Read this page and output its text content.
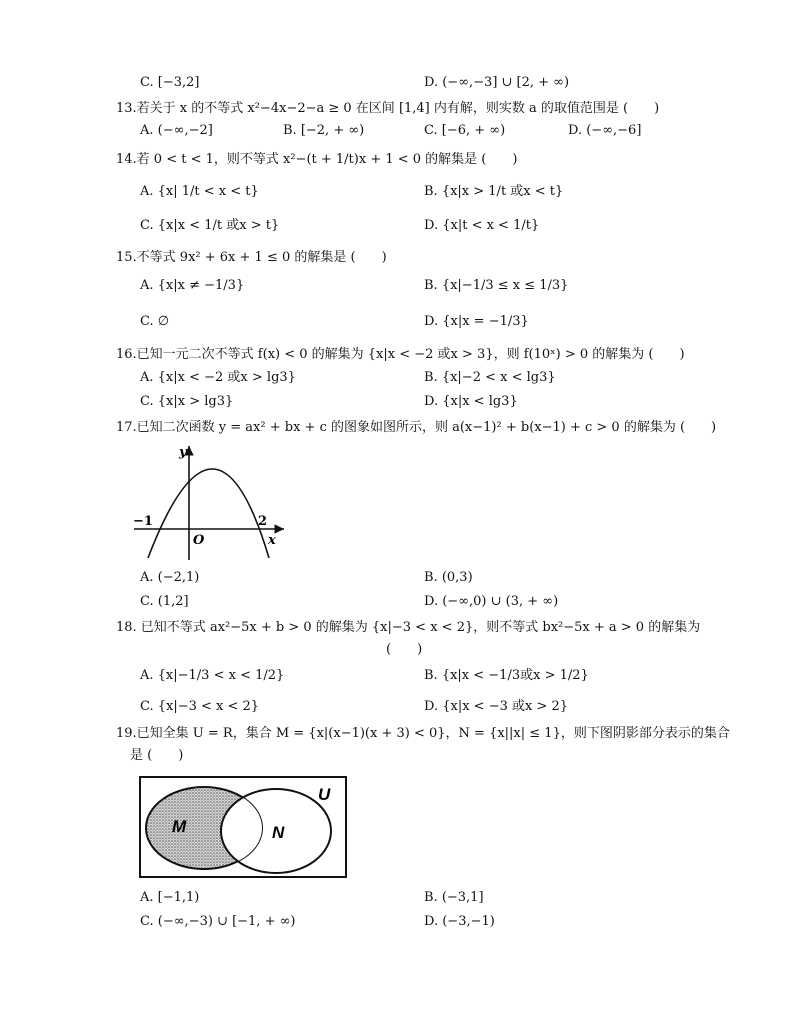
C. [−3,2]	D. (−∞,−3] ∪ [2, + ∞)
13.若关于 x 的不等式 x²−4x−2−a ≥ 0 在区间 [1,4] 内有解，则实数 a 的取值范围是 (　　)
A. (−∞,−2]	B. [−2, + ∞)	C. [−6, + ∞)	D. (−∞,−6]
14.若 0 < t < 1，则不等式 x²−(t + 1/t)x + 1 < 0 的解集是 (　　)
A. {x| 1/t < x < t}	B. {x|x > 1/t 或x < t}
C. {x|x < 1/t 或x > t}	D. {x|t < x < 1/t}
15.不等式 9x² + 6x + 1 ≤ 0 的解集是 (　　)
A. {x|x ≠ −1/3}	B. {x|−1/3 ≤ x ≤ 1/3}
C. ∅	D. {x|x = −1/3}
16.已知一元二次不等式 f(x) < 0 的解集为 {x|x < −2 或x > 3}，则 f(10ˣ) > 0 的解集为 (　　)
A. {x|x < −2 或x > lg3}	B. {x|−2 < x < lg3}
C. {x|x > lg3}	D. {x|x < lg3}
17.已知二次函数 y = ax² + bx + c 的图象如图所示，则 a(x−1)² + b(x−1) + c > 0 的解集为 (　　)
y
x
O
−1	2
A. (−2,1)	B. (0,3)
C. (1,2]	D. (−∞,0) ∪ (3, + ∞)
18. 已知不等式 ax²−5x + b > 0 的解集为 {x|−3 < x < 2}，则不等式 bx²−5x + a > 0 的解集为
(　　)
A. {x|−1/3 < x < 1/2}	B. {x|x < −1/3或x > 1/2}
C. {x|−3 < x < 2}	D. {x|x < −3 或x > 2}
19.已知全集 U = R，集合 M = {x|(x−1)(x + 3) < 0}，N = {x||x| ≤ 1}，则下图阴影部分表示的集合
是 (　　)
U
M	N
A. [−1,1)	B. (−3,1]
C. (−∞,−3) ∪ [−1, + ∞)	D. (−3,−1)
